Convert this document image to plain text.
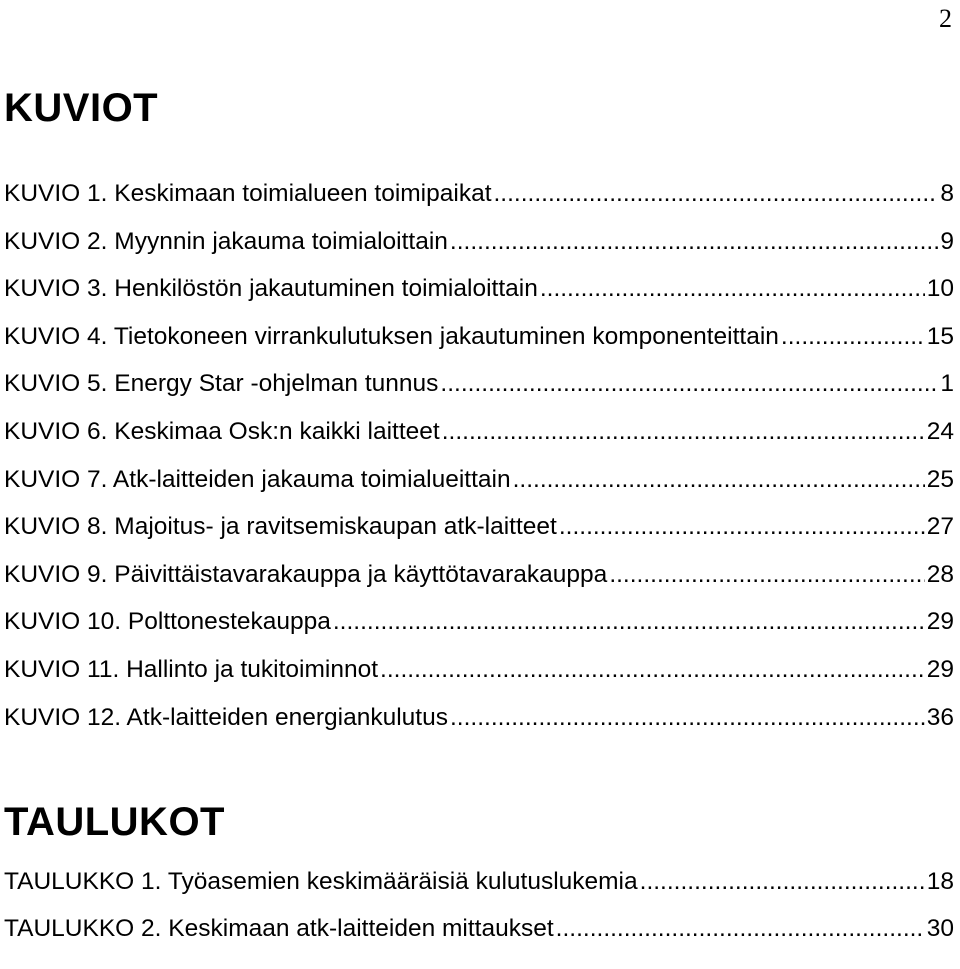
2
KUVIOT
KUVIO 1. Keskimaan toimialueen toimipaikat .....	8
KUVIO 2. Myynnin jakauma toimialoittain .....	9
KUVIO 3. Henkilöstön jakautuminen toimialoittain .....	10
KUVIO 4. Tietokoneen virrankulutuksen jakautuminen komponenteittain .....	15
KUVIO 5. Energy Star -ohjelman tunnus .....	1
KUVIO 6. Keskimaa Osk:n kaikki laitteet .....	24
KUVIO 7. Atk-laitteiden jakauma toimialueittain .....	25
KUVIO 8. Majoitus- ja ravitsemiskaupan atk-laitteet .....	27
KUVIO 9. Päivittäistavarakauppa ja käyttötavarakauppa .....	28
KUVIO 10. Polttonestekauppa .....	29
KUVIO 11. Hallinto ja tukitoiminnot .....	29
KUVIO 12. Atk-laitteiden energiankulutus .....	36
TAULUKOT
TAULUKKO 1. Työasemien keskimääräisiä kulutuslukemia .....	18
TAULUKKO 2. Keskimaan atk-laitteiden mittaukset .....	30
